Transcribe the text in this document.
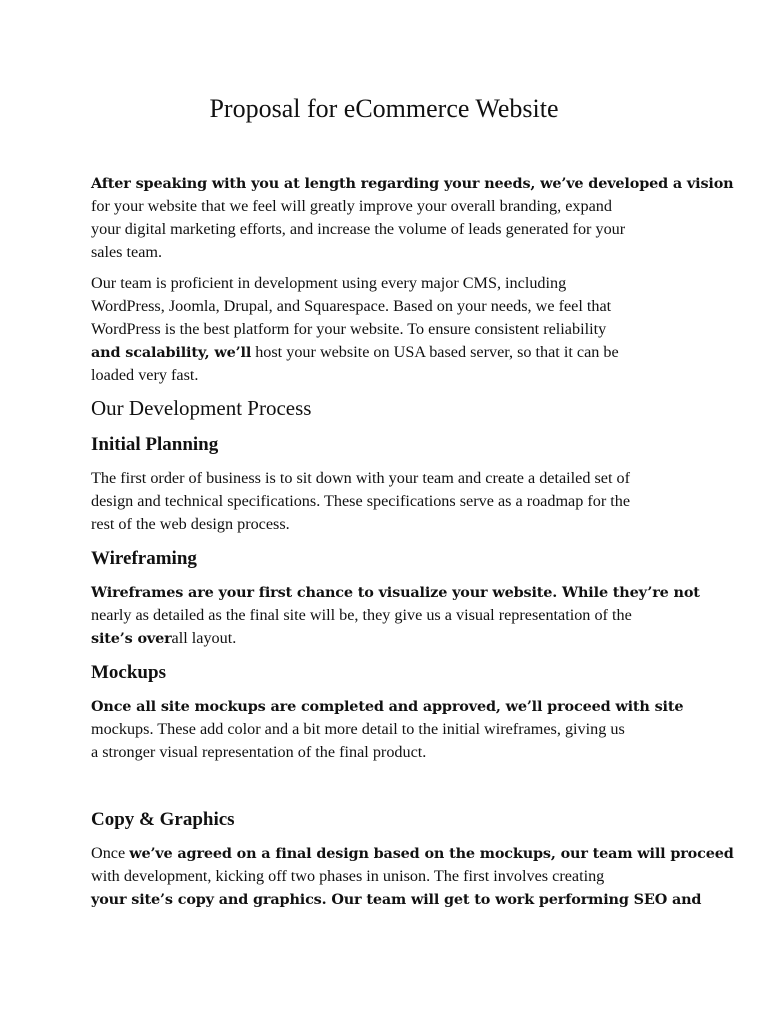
Proposal for eCommerce Website
After speaking with you at length regarding your needs, we’ve developed a vision
for your website that we feel will greatly improve your overall branding, expand
your digital marketing efforts, and increase the volume of leads generated for your
sales team.
Our team is proficient in development using every major CMS, including
WordPress, Joomla, Drupal, and Squarespace. Based on your needs, we feel that
WordPress is the best platform for your website. To ensure consistent reliability
and scalability, we’ll host your website on USA based server, so that it can be
loaded very fast.
Our Development Process
Initial Planning
The first order of business is to sit down with your team and create a detailed set of
design and technical specifications. These specifications serve as a roadmap for the
rest of the web design process.
Wireframing
Wireframes are your first chance to visualize your website. While they’re not
nearly as detailed as the final site will be, they give us a visual representation of the
site’s overall layout.
Mockups
Once all site mockups are completed and approved, we’ll proceed with site
mockups. These add color and a bit more detail to the initial wireframes, giving us
a stronger visual representation of the final product.
Copy & Graphics
Once we’ve agreed on a final design based on the mockups, our team will proceed
with development, kicking off two phases in unison. The first involves creating
your site’s copy and graphics. Our team will get to work performing SEO and
